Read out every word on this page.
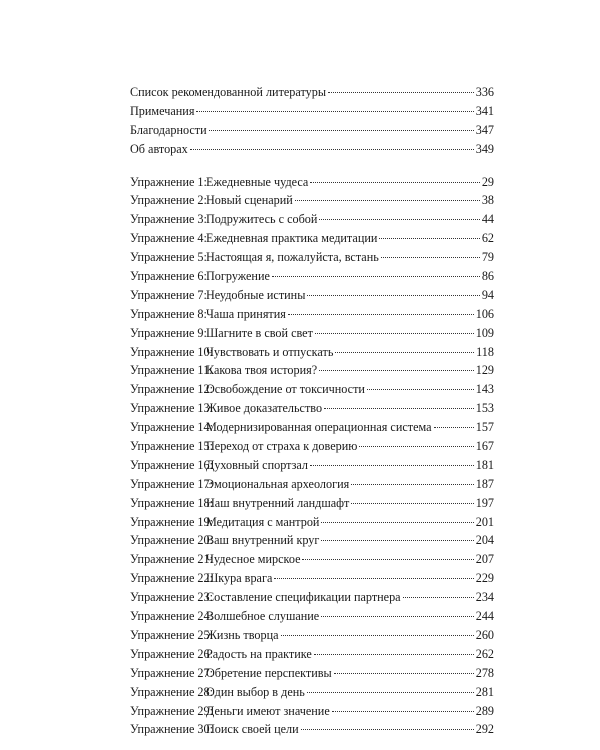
Список рекомендованной литературы	336
Примечания	341
Благодарности	347
Об авторах	349
Упражнение 1:Ежедневные чудеса	29
Упражнение 2:Новый сценарий	38
Упражнение 3:Подружитесь с собой	44
Упражнение 4:Ежедневная практика медитации	62
Упражнение 5:Настоящая я, пожалуйста, встань	79
Упражнение 6:Погружение	86
Упражнение 7:Неудобные истины	94
Упражнение 8:Чаша принятия	106
Упражнение 9:Шагните в свой свет	109
Упражнение 10:Чувствовать и отпускать	118
Упражнение 11:Какова твоя история?	129
Упражнение 12:Освобождение от токсичности	143
Упражнение 13:Живое доказательство	153
Упражнение 14:Модернизированная операционная система	157
Упражнение 15:Переход от страха к доверию	167
Упражнение 16:Духовный спортзал	181
Упражнение 17:Эмоциональная археология	187
Упражнение 18:Наш внутренний ландшафт	197
Упражнение 19:Медитация с мантрой	201
Упражнение 20:Ваш внутренний круг	204
Упражнение 21:Чудесное мирское	207
Упражнение 22:Шкура врага	229
Упражнение 23:Составление спецификации партнера	234
Упражнение 24:Волшебное слушание	244
Упражнение 25:Жизнь творца	260
Упражнение 26:Радость на практике	262
Упражнение 27:Обретение перспективы	278
Упражнение 28:Один выбор в день	281
Упражнение 29:Деньги имеют значение	289
Упражнение 30:Поиск своей цели	292
